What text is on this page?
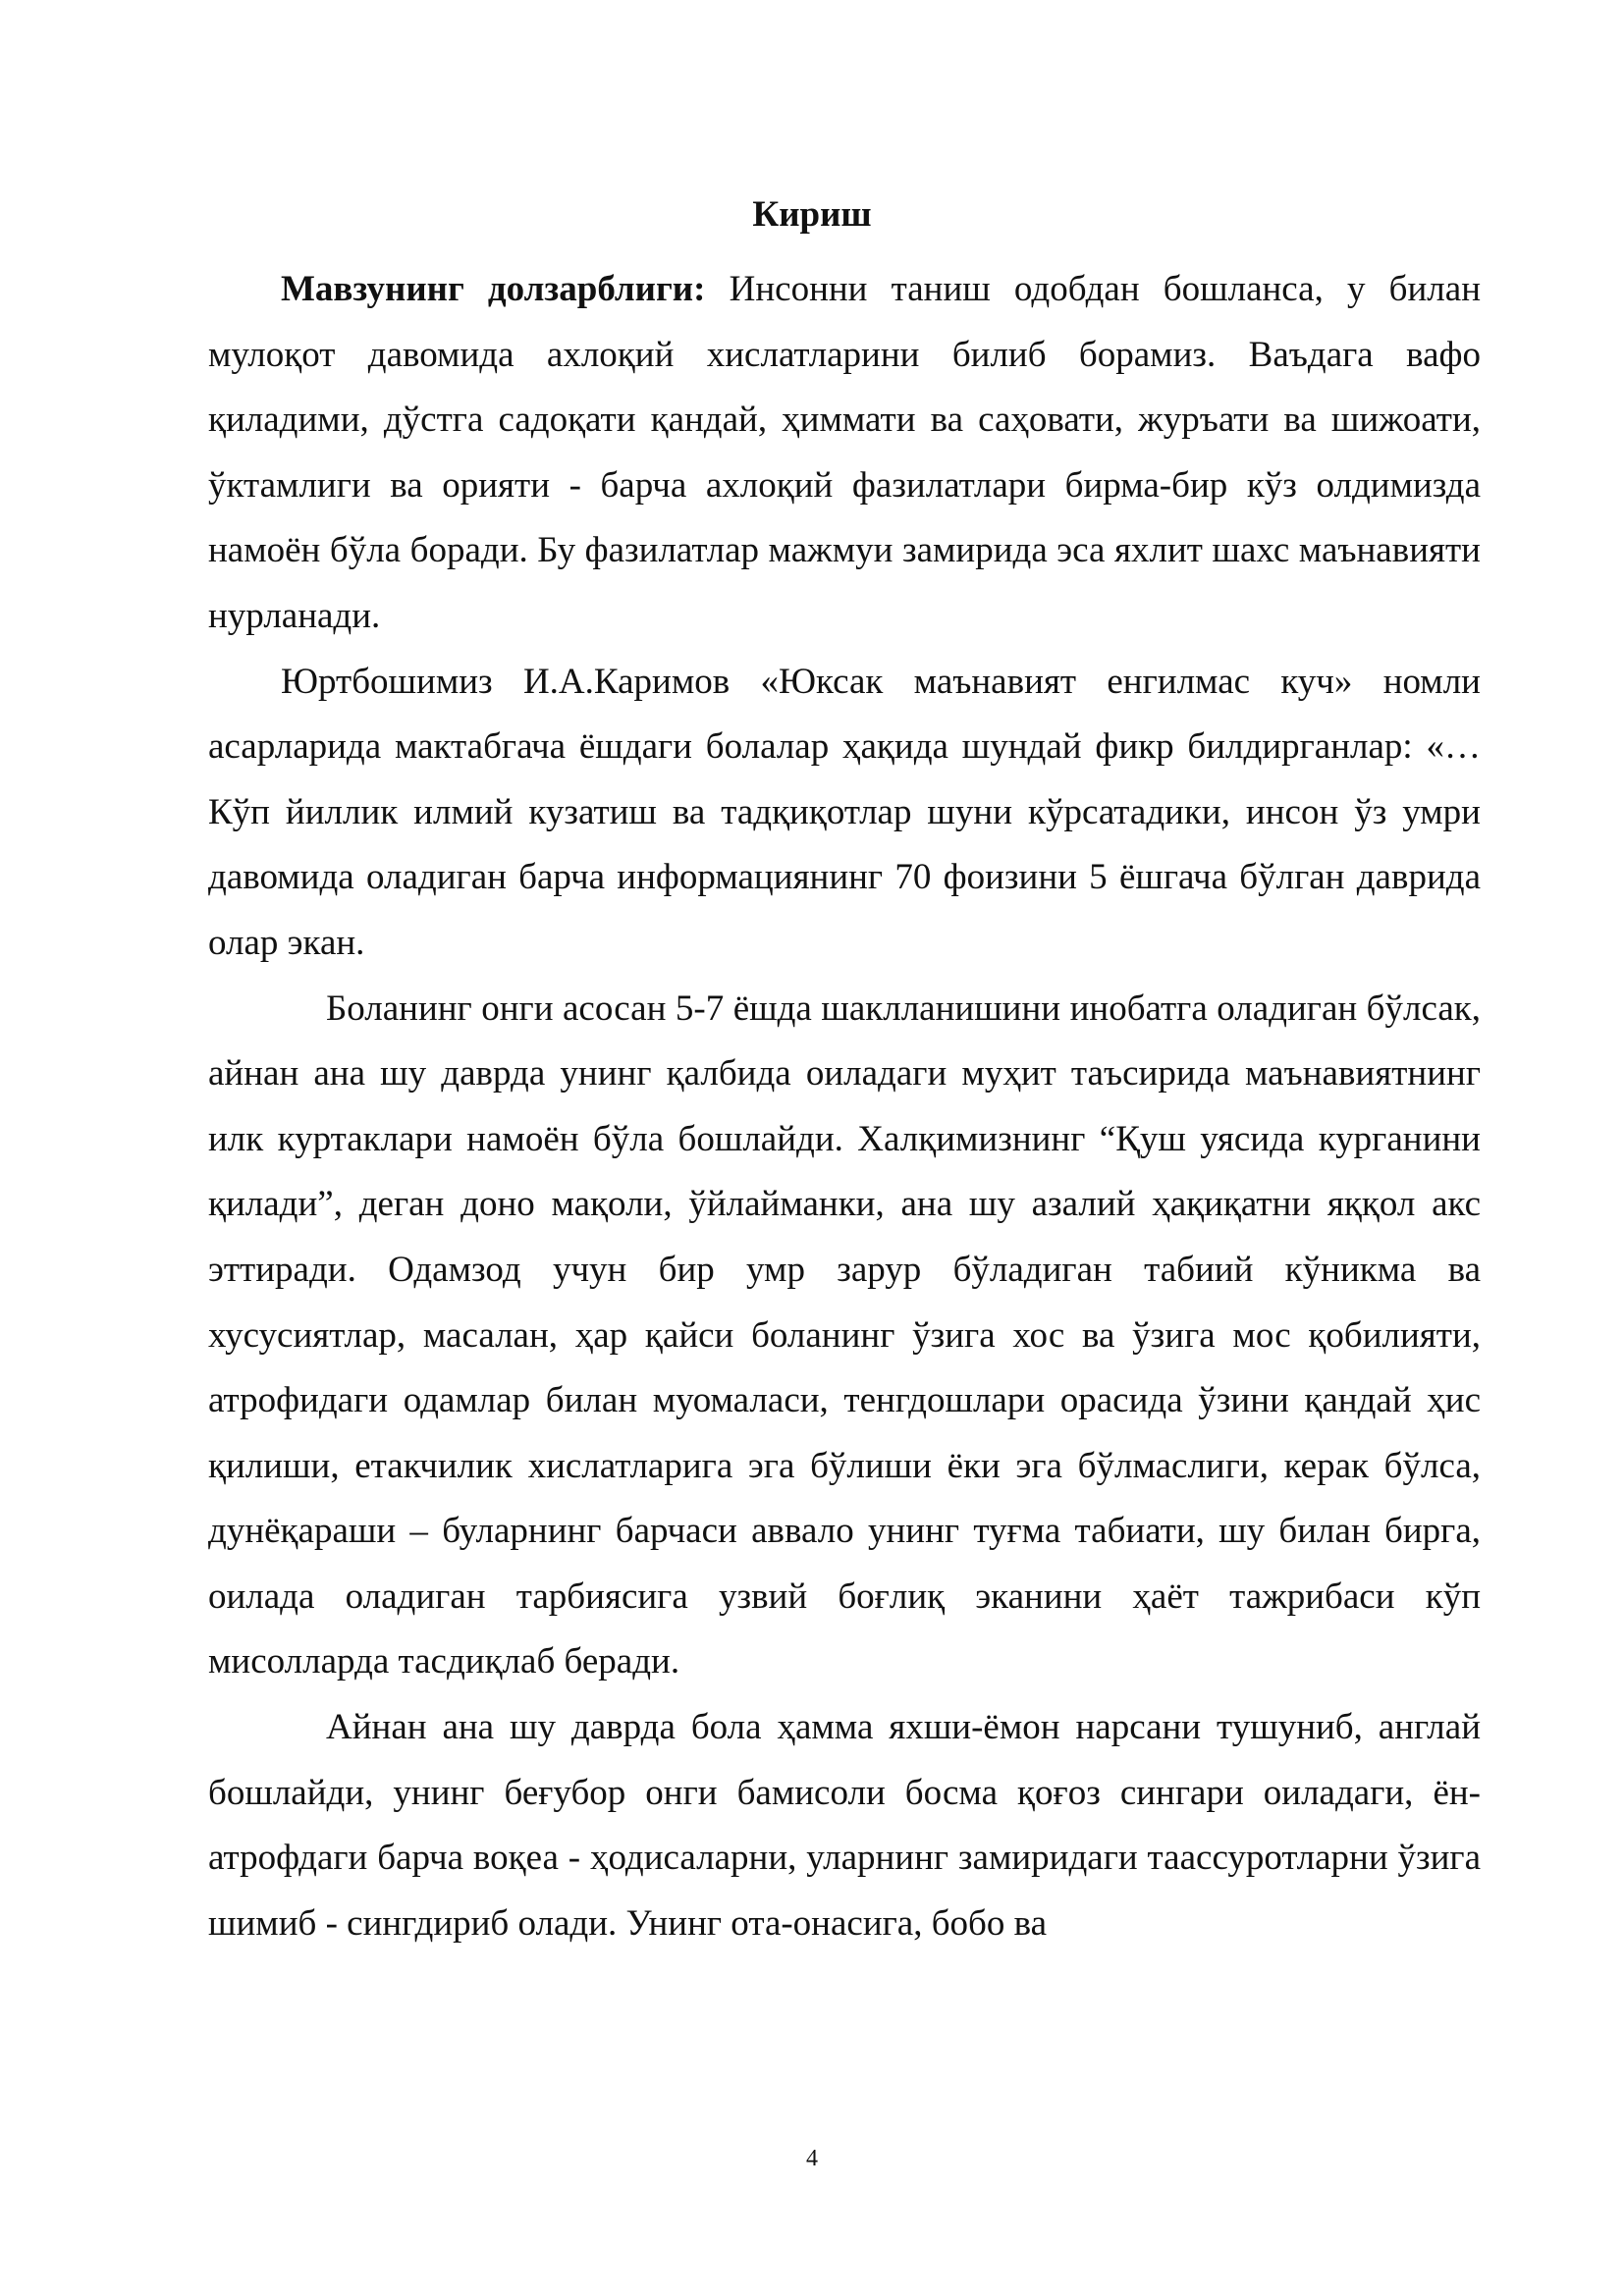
Кириш

Мавзунинг долзарблиги: Инсонни таниш одобдан бошланса, у билан мулоқот давомида ахлоқий хислатларини билиб борамиз. Ваъдага вафо қиладими, дўстга садоқати қандай, ҳиммати ва саҳовати, журъати ва шижоати, ўктамлиги ва орияти - барча ахлоқий фазилатлари бирма-бир кўз олдимизда намоён бўла боради. Бу фазилатлар мажмуи замирида эса яхлит шахс маънавияти нурланади.

Юртбошимиз И.А.Каримов «Юксак маънавият енгилмас куч» номли асарларида мактабгача ёшдаги болалар ҳақида шундай фикр билдирганлар: «…Кўп йиллик илмий кузатиш ва тадқиқотлар шуни кўрсатадики, инсон ўз умри давомида оладиган барча информациянинг 70 фоизини 5 ёшгача бўлган даврида олар экан.

Боланинг онги асосан 5-7 ёшда шаклланишини инобатга оладиган бўлсак, айнан ана шу даврда унинг қалбида оиладаги муҳит таъсирида маънавиятнинг илк куртаклари намоён бўла бошлайди. Халқимизнинг “Қуш уясида курганини қилади”, деган доно мақоли, ўйлайманки, ана шу азалий ҳақиқатни яққол акс эттиради. Одамзод учун бир умр зарур бўладиган табиий кўникма ва хусусиятлар, масалан, ҳар қайси боланинг ўзига хос ва ўзига мос қобилияти, атрофидаги одамлар билан муомаласи, тенгдошлари орасида ўзини қандай ҳис қилиши, етакчилик хислатларига эга бўлиши ёки эга бўлмаслиги, керак бўлса, дунёқараши – буларнинг барчаси аввало унинг туғма табиати, шу билан бирга, оилада оладиган тарбиясига узвий боғлиқ эканини ҳаёт тажрибаси кўп мисолларда тасдиқлаб беради.

Айнан ана шу даврда бола ҳамма яхши-ёмон нарсани тушуниб, англай бошлайди, унинг беғубор онги бамисоли босма қоғоз сингари оиладаги, ён-атрофдаги барча воқеа - ҳодисаларни, уларнинг замиридаги таассуротларни ўзига шимиб - сингдириб олади. Унинг ота-онасига, бобо ва

4
